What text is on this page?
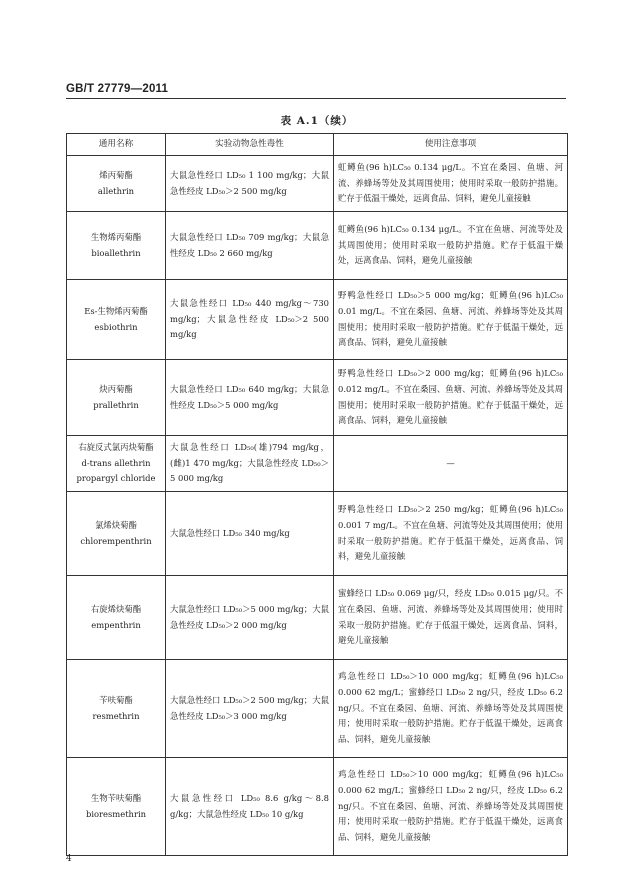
GB/T 27779—2011
表 A.1（续）
通用名称	实验动物急性毒性	使用注意事项

烯丙菊酯
allethrin	大鼠急性经口 LD₅₀ 1 100 mg/kg；大鼠急性经皮 LD₅₀＞2 500 mg/kg	虹鳟鱼(96 h)LC₅₀ 0.134 μg/L。不宜在桑园、鱼塘、河流、养蜂场等处及其周围使用；使用时采取一般防护措施。贮存于低温干燥处，远离食品、饲料，避免儿童接触

生物烯丙菊酯
bioallethrin	大鼠急性经口 LD₅₀ 709 mg/kg；大鼠急性经皮 LD₅₀ 2 660 mg/kg	虹鳟鱼(96 h)LC₅₀ 0.134 μg/L。不宜在鱼塘、河流等处及其周围使用；使用时采取一般防护措施。贮存于低温干燥处，远离食品、饲料，避免儿童接触

Es-生物烯丙菊酯
esbiothrin	大鼠急性经口 LD₅₀ 440 mg/kg～730 mg/kg；大鼠急性经皮 LD₅₀＞2 500 mg/kg	野鸭急性经口 LD₅₀＞5 000 mg/kg；虹鳟鱼(96 h)LC₅₀ 0.01 mg/L。不宜在桑园、鱼塘、河流、养蜂场等处及其周围使用；使用时采取一般防护措施。贮存于低温干燥处，远离食品、饲料，避免儿童接触

炔丙菊酯
prallethrin	大鼠急性经口 LD₅₀ 640 mg/kg；大鼠急性经皮 LD₅₀＞5 000 mg/kg	野鸭急性经口 LD₅₀＞2 000 mg/kg；虹鳟鱼(96 h)LC₅₀ 0.012 mg/L。不宜在桑园、鱼塘、河流、养蜂场等处及其周围使用；使用时采取一般防护措施。贮存于低温干燥处，远离食品、饲料，避免儿童接触

右旋反式氯丙炔菊酯
d-trans allethrin
propargyl chloride	大鼠急性经口 LD₅₀(雄)794 mg/kg，(雌)1 470 mg/kg；大鼠急性经皮 LD₅₀＞5 000 mg/kg	—

氯烯炔菊酯
chlorempenthrin	大鼠急性经口 LD₅₀ 340 mg/kg	野鸭急性经口 LD₅₀＞2 250 mg/kg；虹鳟鱼(96 h)LC₅₀ 0.001 7 mg/L。不宜在鱼塘、河流等处及其周围使用；使用时采取一般防护措施。贮存于低温干燥处，远离食品、饲料，避免儿童接触

右旋烯炔菊酯
empenthrin	大鼠急性经口 LD₅₀＞5 000 mg/kg；大鼠急性经皮 LD₅₀＞2 000 mg/kg	蜜蜂经口 LD₅₀ 0.069 μg/只，经皮 LD₅₀ 0.015 μg/只。不宜在桑园、鱼塘、河流、养蜂场等处及其周围使用；使用时采取一般防护措施。贮存于低温干燥处，远离食品、饲料，避免儿童接触

苄呋菊酯
resmethrin	大鼠急性经口 LD₅₀＞2 500 mg/kg；大鼠急性经皮 LD₅₀＞3 000 mg/kg	鸡急性经口 LD₅₀＞10 000 mg/kg；虹鳟鱼(96 h)LC₅₀ 0.000 62 mg/L；蜜蜂经口 LD₅₀ 2 ng/只，经皮 LD₅₀ 6.2 ng/只。不宜在桑园、鱼塘、河流、养蜂场等处及其周围使用；使用时采取一般防护措施。贮存于低温干燥处，远离食品、饲料，避免儿童接触

生物苄呋菊酯
bioresmethrin	大鼠急性经口 LD₅₀ 8.6 g/kg～8.8 g/kg；大鼠急性经皮 LD₅₀ 10 g/kg	鸡急性经口 LD₅₀＞10 000 mg/kg；虹鳟鱼(96 h)LC₅₀ 0.000 62 mg/L；蜜蜂经口 LD₅₀ 2 ng/只，经皮 LD₅₀ 6.2 ng/只。不宜在桑园、鱼塘、河流、养蜂场等处及其周围使用；使用时采取一般防护措施。贮存于低温干燥处，远离食品、饲料，避免儿童接触
4
